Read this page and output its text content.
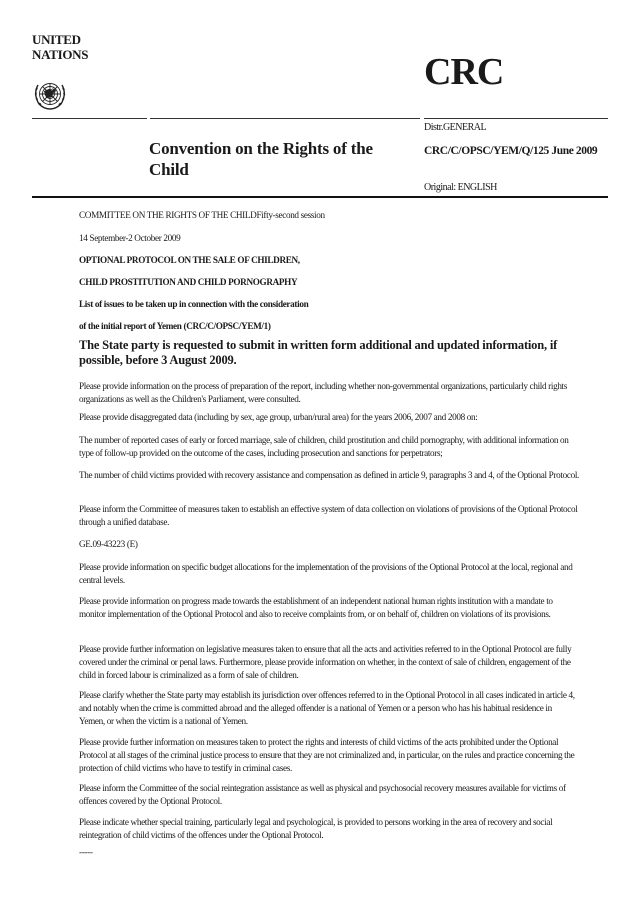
UNITED
NATIONS	CRC
Convention on the Rights of the Child
Distr.GENERAL
CRC/C/OPSC/YEM/Q/125 June 2009
Original: ENGLISH
COMMITTEE ON THE RIGHTS OF THE CHILDFifty-second session
14 September-2 October 2009
OPTIONAL PROTOCOL ON THE SALE OF CHILDREN,
CHILD PROSTITUTION AND CHILD PORNOGRAPHY
List of issues to be taken up in connection with the consideration
of the initial report of Yemen (CRC/C/OPSC/YEM/1)
The State party is requested to submit in written form additional and updated information, if possible, before 3 August 2009.
Please provide information on the process of preparation of the report, including whether non-governmental organizations, particularly child rights organizations as well as the Children's Parliament, were consulted.
Please provide disaggregated data (including by sex, age group, urban/rural area) for the years 2006, 2007 and 2008 on:
The number of reported cases of early or forced marriage, sale of children, child prostitution and child pornography, with additional information on type of follow-up provided on the outcome of the cases, including prosecution and sanctions for perpetrators;
The number of child victims provided with recovery assistance and compensation as defined in article 9, paragraphs 3 and 4, of the Optional Protocol.
Please inform the Committee of measures taken to establish an effective system of data collection on violations of provisions of the Optional Protocol through a unified database.
GE.09-43223 (E)
Please provide information on specific budget allocations for the implementation of the provisions of the Optional Protocol at the local, regional and central levels.
Please provide information on progress made towards the establishment of an independent national human rights institution with a mandate to monitor implementation of the Optional Protocol and also to receive complaints from, or on behalf of, children on violations of its provisions.
Please provide further information on legislative measures taken to ensure that all the acts and activities referred to in the Optional Protocol are fully covered under the criminal or penal laws. Furthermore, please provide information on whether, in the context of sale of children, engagement of the child in forced labour is criminalized as a form of sale of children.
Please clarify whether the State party may establish its jurisdiction over offences referred to in the Optional Protocol in all cases indicated in article 4, and notably when the crime is committed abroad and the alleged offender is a national of Yemen or a person who has his habitual residence in Yemen, or when the victim is a national of Yemen.
Please provide further information on measures taken to protect the rights and interests of child victims of the acts prohibited under the Optional Protocol at all stages of the criminal justice process to ensure that they are not criminalized and, in particular, on the rules and practice concerning the protection of child victims who have to testify in criminal cases.
Please inform the Committee of the social reintegration assistance as well as physical and psychosocial recovery measures available for victims of offences covered by the Optional Protocol.
Please indicate whether special training, particularly legal and psychological, is provided to persons working in the area of recovery and social reintegration of child victims of the offences under the Optional Protocol.
-----
